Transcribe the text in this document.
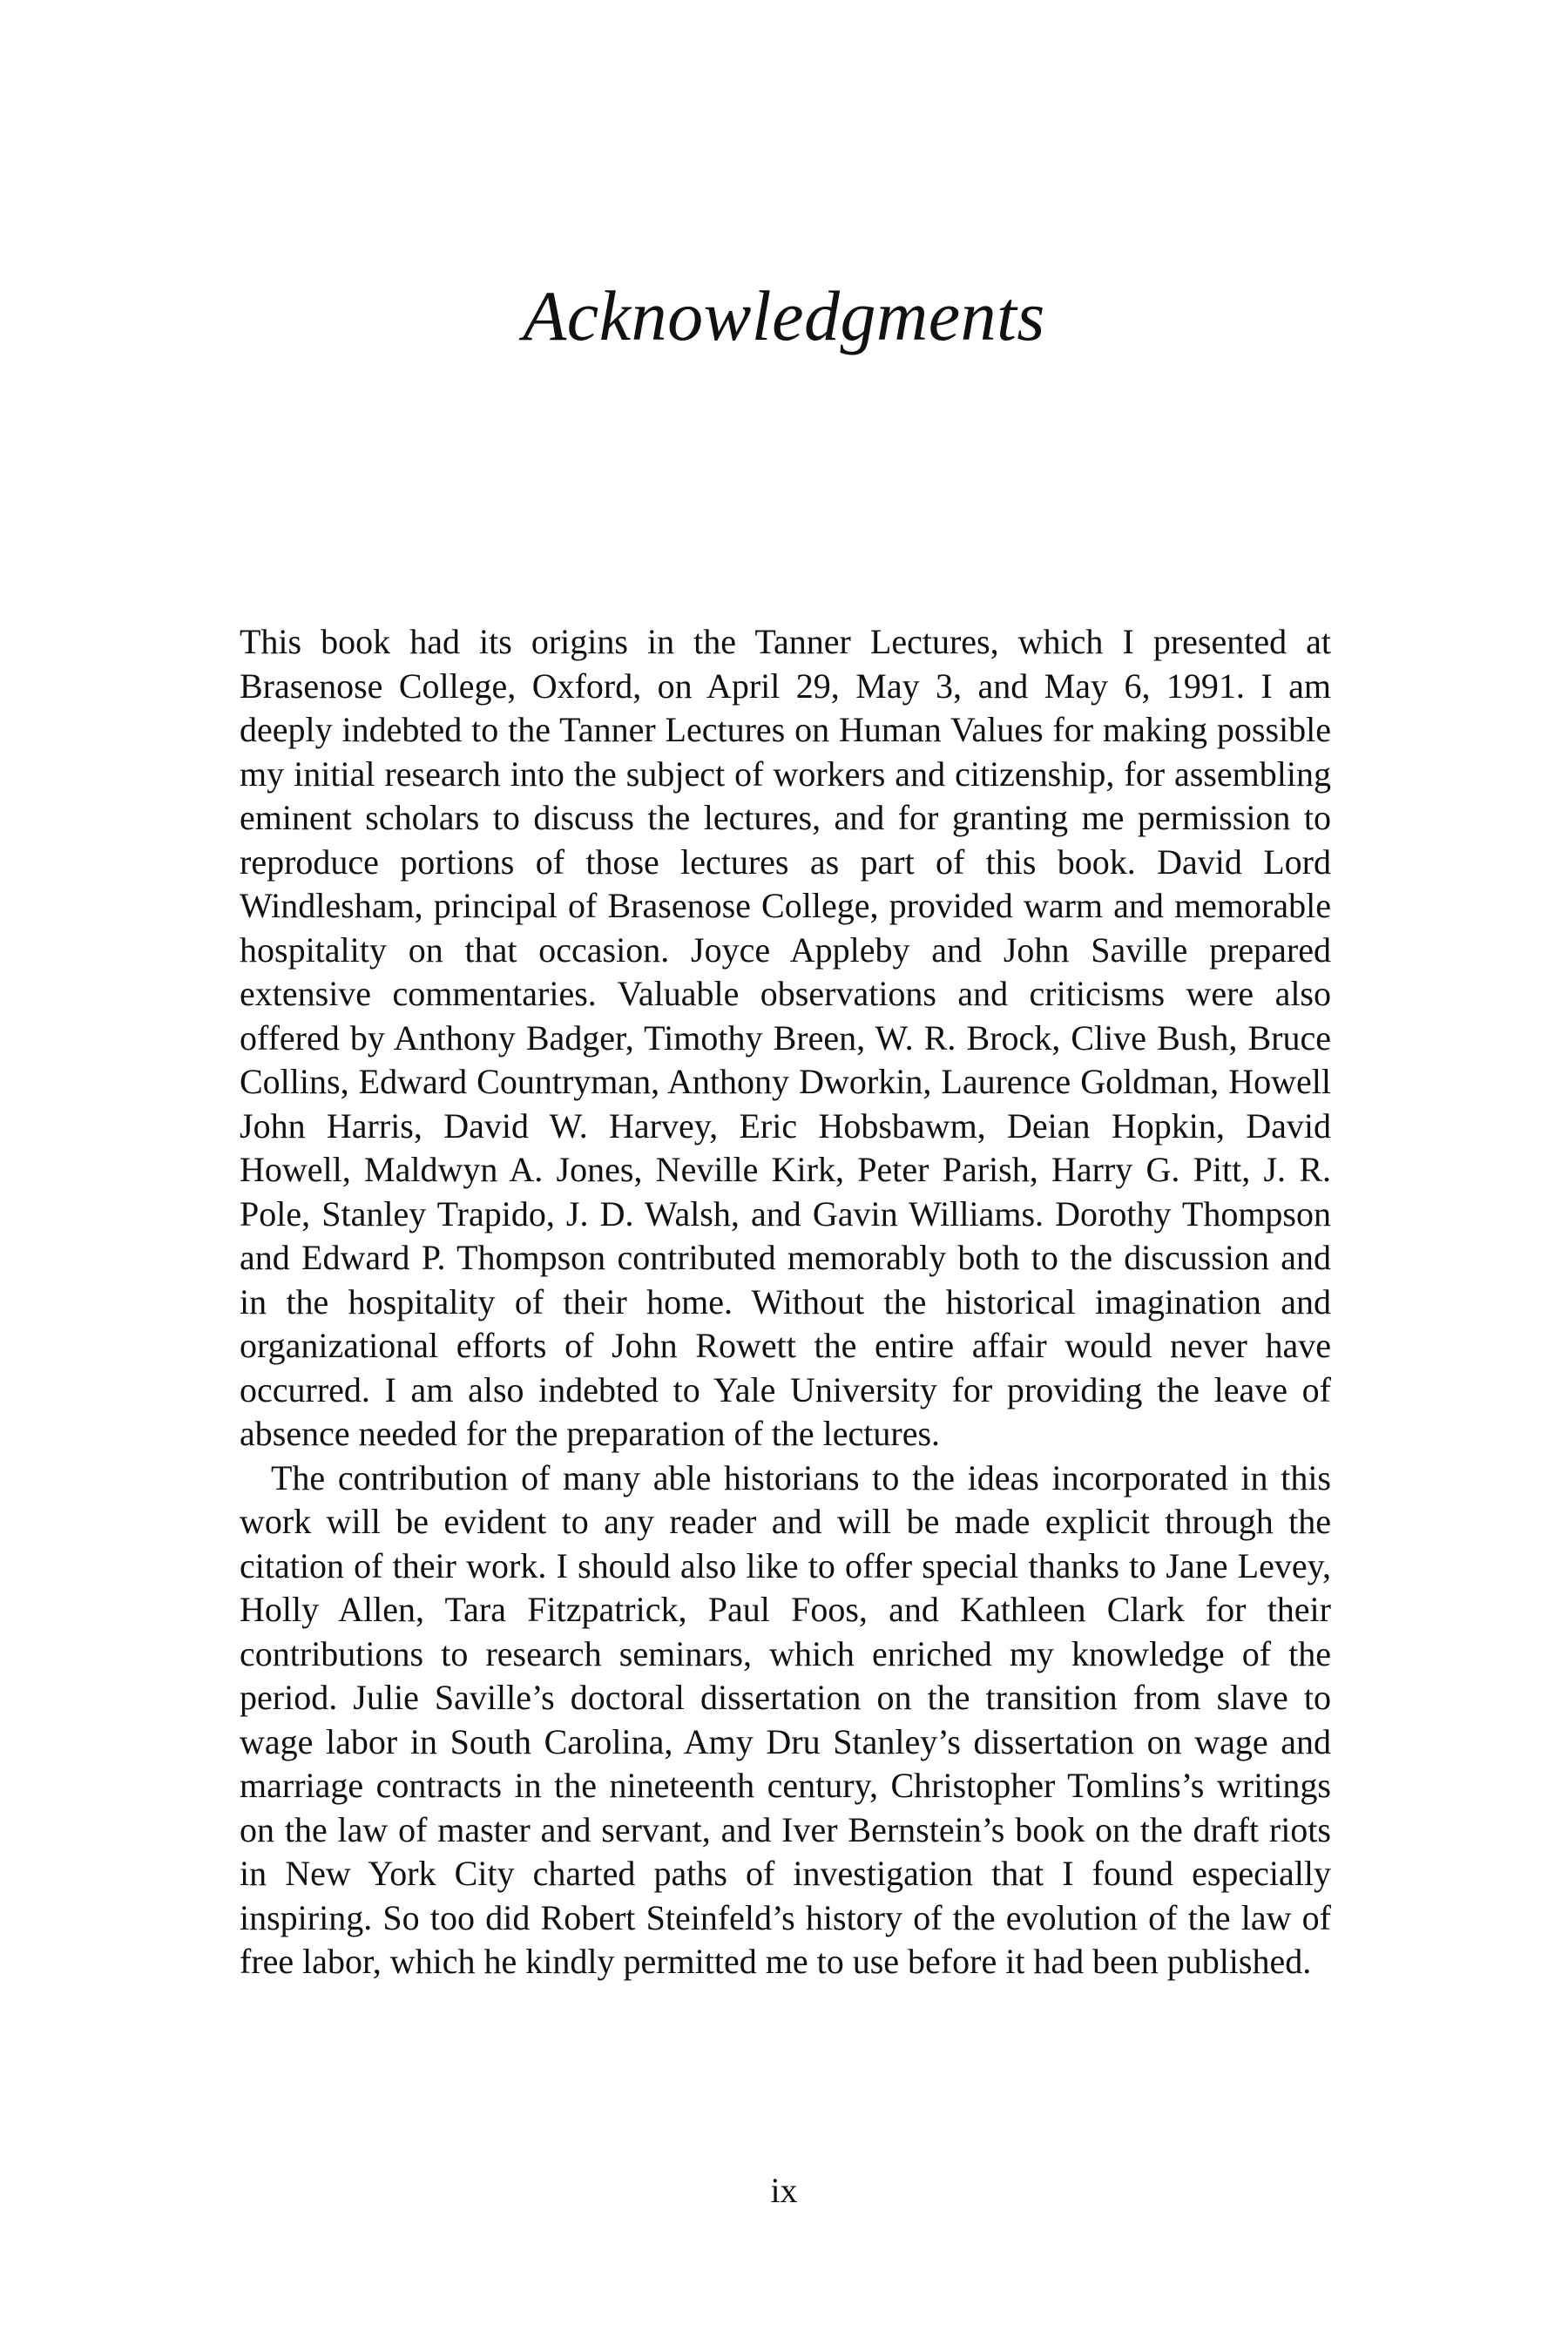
Acknowledgments

This book had its origins in the Tanner Lectures, which I presented at Brasenose College, Oxford, on April 29, May 3, and May 6, 1991. I am deeply indebted to the Tanner Lectures on Human Values for making possible my initial research into the subject of workers and citizenship, for assembling eminent scholars to discuss the lectures, and for granting me permission to reproduce portions of those lectures as part of this book. David Lord Windlesham, principal of Brasenose College, provided warm and memorable hospitality on that occasion. Joyce Appleby and John Saville prepared extensive commentaries. Valuable observations and criticisms were also offered by Anthony Badger, Timothy Breen, W. R. Brock, Clive Bush, Bruce Collins, Edward Countryman, Anthony Dworkin, Laurence Goldman, Howell John Harris, David W. Harvey, Eric Hobsbawm, Deian Hopkin, David Howell, Maldwyn A. Jones, Neville Kirk, Peter Parish, Harry G. Pitt, J. R. Pole, Stanley Trapido, J. D. Walsh, and Gavin Williams. Dorothy Thompson and Edward P. Thompson contributed memorably both to the discussion and in the hospitality of their home. Without the historical imagination and organizational efforts of John Rowett the entire affair would never have occurred. I am also indebted to Yale University for providing the leave of absence needed for the preparation of the lectures.

The contribution of many able historians to the ideas incorporated in this work will be evident to any reader and will be made explicit through the citation of their work. I should also like to offer special thanks to Jane Levey, Holly Allen, Tara Fitzpatrick, Paul Foos, and Kathleen Clark for their contributions to research seminars, which enriched my knowledge of the period. Julie Saville’s doctoral dissertation on the transition from slave to wage labor in South Carolina, Amy Dru Stanley’s dissertation on wage and marriage contracts in the nineteenth century, Christopher Tomlins’s writings on the law of master and servant, and Iver Bernstein’s book on the draft riots in New York City charted paths of investigation that I found especially inspiring. So too did Robert Steinfeld’s history of the evolution of the law of free labor, which he kindly permitted me to use before it had been published.

ix
